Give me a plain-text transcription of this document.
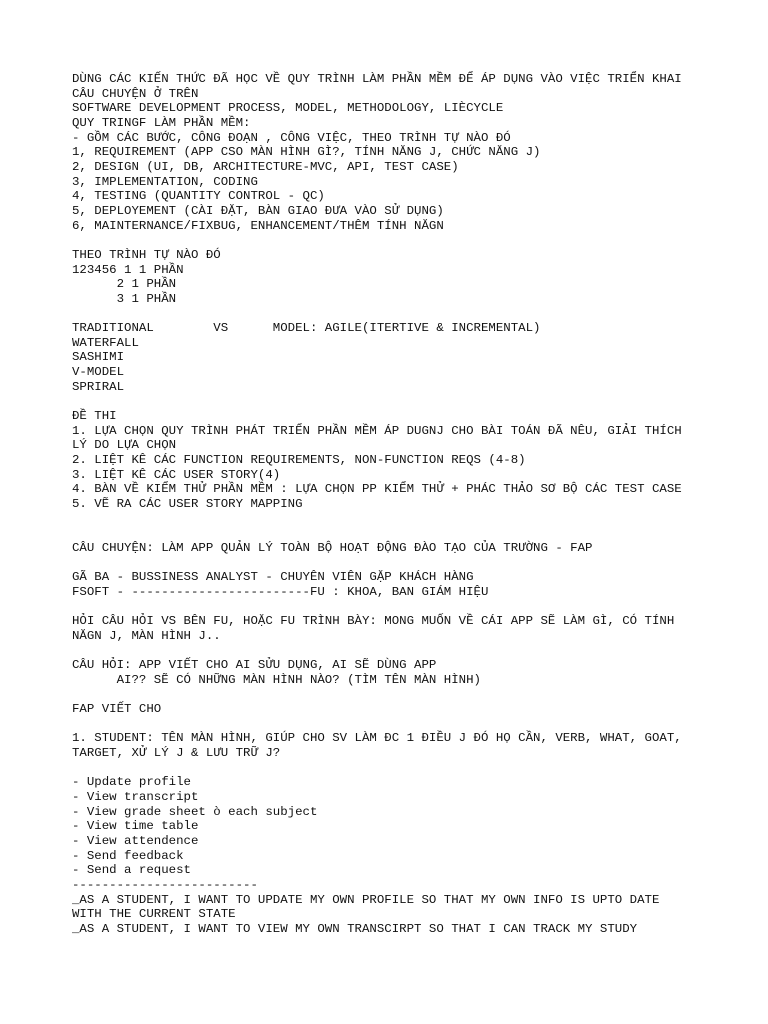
DÙNG CÁC KIẾN THỨC ĐÃ HỌC VỀ QUY TRÌNH LÀM PHẦN MỀM ĐỂ ÁP DỤNG VÀO VIỆC TRIỂN KHAI
CÂU CHUYỆN Ở TRÊN
SOFTWARE DEVELOPMENT PROCESS, MODEL, METHODOLOGY, LIÈCYCLE
QUY TRINGF LÀM PHẦN MỀM:
- GỒM CÁC BƯỚC, CÔNG ĐOẠN , CÔNG VIỆC, THEO TRÌNH TỰ NÀO ĐÓ
1, REQUIREMENT (APP CSO MÀN HÌNH GÌ?, TÍNH NĂNG J, CHỨC NĂNG J)
2, DESIGN (UI, DB, ARCHITECTURE-MVC, API, TEST CASE)
3, IMPLEMENTATION, CODING
4, TESTING (QUANTITY CONTROL - QC)
5, DEPLOYEMENT (CÀI ĐẶT, BÀN GIAO ĐƯA VÀO SỬ DỤNG)
6, MAINTERNANCE/FIXBUG, ENHANCEMENT/THÊM TÍNH NĂGN
THEO TRÌNH TỰ NÀO ĐÓ
123456 1 1 PHẦN
2 1 PHẦN
3 1 PHẦN
TRADITIONAL        VS      MODEL: AGILE(ITERTIVE & INCREMENTAL)
WATERFALL
SASHIMI
V-MODEL
SPRIRAL
ĐỀ THI
1. LỰA CHỌN QUY TRÌNH PHÁT TRIỂN PHẦN MỀM ÁP DUGNJ CHO BÀI TOÁN ĐÃ NÊU, GIẢI THÍCH
LÝ DO LỰA CHỌN
2. LIỆT KÊ CÁC FUNCTION REQUIREMENTS, NON-FUNCTION REQS (4-8)
3. LIỆT KÊ CÁC USER STORY(4)
4. BÀN VỀ KIỂM THỬ PHẦN MỀM : LỰA CHỌN PP KIỂM THỬ + PHÁC THẢO SƠ BỘ CÁC TEST CASE
5. VẼ RA CÁC USER STORY MAPPING
CÂU CHUYỆN: LÀM APP QUẢN LÝ TOÀN BỘ HOẠT ĐỘNG ĐÀO TẠO CỦA TRƯỜNG - FAP
GÃ BA - BUSSINESS ANALYST - CHUYÊN VIÊN GẶP KHÁCH HÀNG
FSOFT - ------------------------FU : KHOA, BAN GIÁM HIỆU
HỎI CÂU HỎI VS BÊN FU, HOẶC FU TRÌNH BÀY: MONG MUỐN VỀ CÁI APP SẼ LÀM GÌ, CÓ TÍNH
NĂGN J, MÀN HÌNH J..
CÂU HỎI: APP VIẾT CHO AI SỬU DỤNG, AI SẼ DÙNG APP
AI?? SẼ CÓ NHỮNG MÀN HÌNH NÀO? (TÌM TÊN MÀN HÌNH)
FAP VIẾT CHO
1. STUDENT: TÊN MÀN HÌNH, GIÚP CHO SV LÀM ĐC 1 ĐIỀU J ĐÓ HỌ CẦN, VERB, WHAT, GOAT,
TARGET, XỬ LÝ J & LƯU TRỮ J?
- Update profile
- View transcript
- View grade sheet ò each subject
- View time table
- View attendence
- Send feedback
- Send a request
-------------------------
_AS A STUDENT, I WANT TO UPDATE MY OWN PROFILE SO THAT MY OWN INFO IS UPTO DATE
WITH THE CURRENT STATE
_AS A STUDENT, I WANT TO VIEW MY OWN TRANSCIRPT SO THAT I CAN TRACK MY STUDY
